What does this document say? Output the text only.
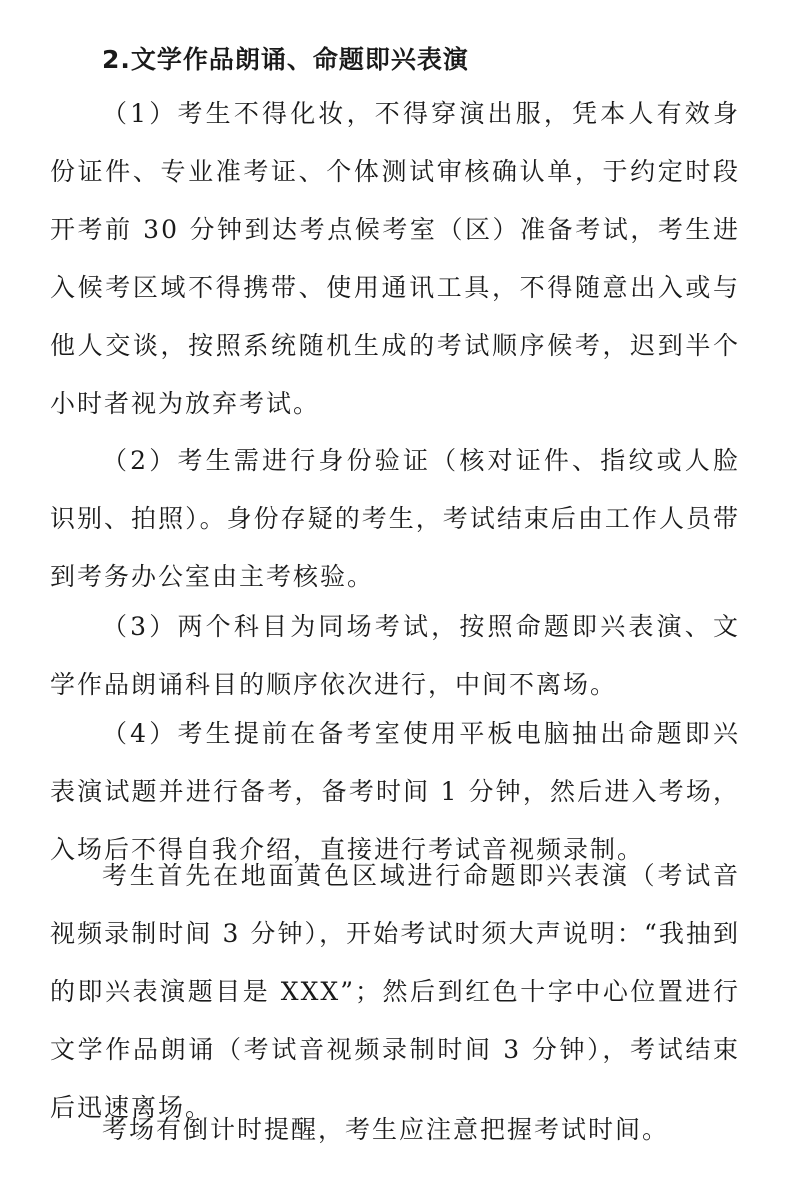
2.文学作品朗诵、命题即兴表演

（1）考生不得化妆，不得穿演出服，凭本人有效身份证件、专业准考证、个体测试审核确认单，于约定时段开考前 30 分钟到达考点候考室（区）准备考试，考生进入候考区域不得携带、使用通讯工具，不得随意出入或与他人交谈，按照系统随机生成的考试顺序候考，迟到半个小时者视为放弃考试。

（2）考生需进行身份验证（核对证件、指纹或人脸识别、拍照）。身份存疑的考生，考试结束后由工作人员带到考务办公室由主考核验。

（3）两个科目为同场考试，按照命题即兴表演、文学作品朗诵科目的顺序依次进行，中间不离场。

（4）考生提前在备考室使用平板电脑抽出命题即兴表演试题并进行备考，备考时间 1 分钟，然后进入考场，入场后不得自我介绍，直接进行考试音视频录制。

考生首先在地面黄色区域进行命题即兴表演（考试音视频录制时间 3 分钟），开始考试时须大声说明：“我抽到的即兴表演题目是 XXX”；然后到红色十字中心位置进行文学作品朗诵（考试音视频录制时间 3 分钟），考试结束后迅速离场。

考场有倒计时提醒，考生应注意把握考试时间。
